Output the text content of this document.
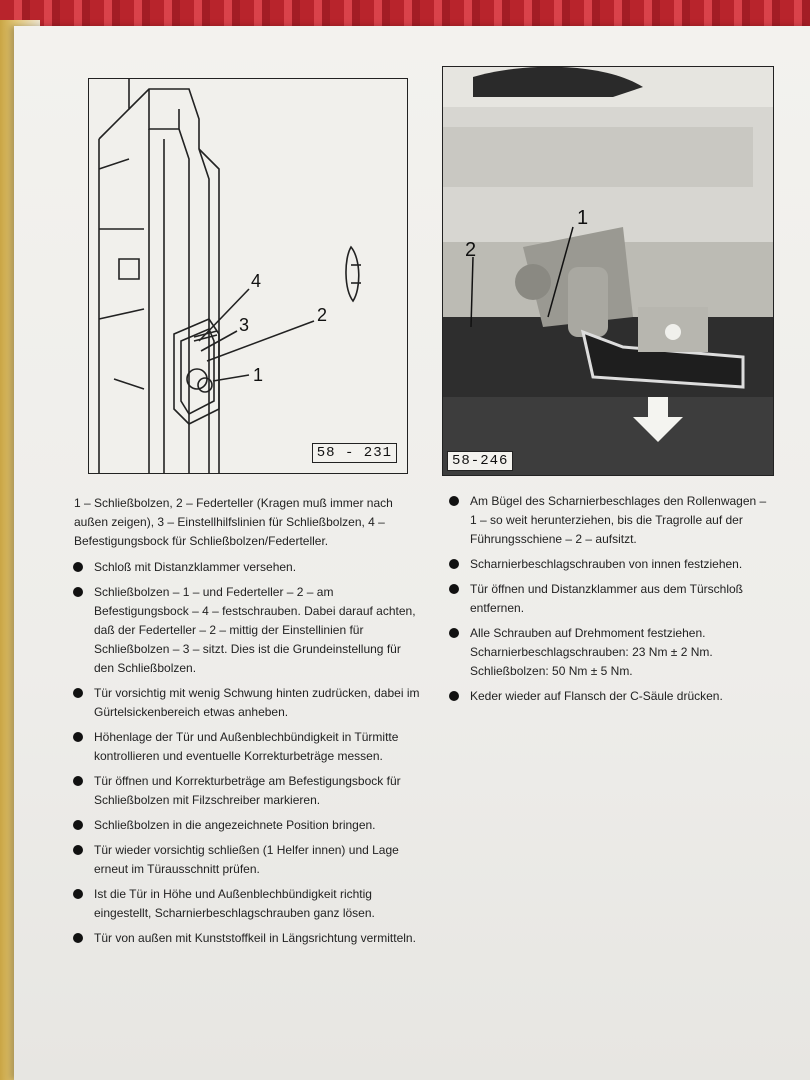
4
3	2
1
58 - 231
1
2
58-246
1 – Schließbolzen, 2 – Federteller (Kragen muß immer nach außen zeigen), 3 – Einstellhilfslinien für Schließbolzen, 4 – Befestigungsbock für Schließbolzen/Federteller.
Schloß mit Distanzklammer versehen.
Schließbolzen – 1 – und Federteller – 2 – am Befestigungsbock – 4 – festschrauben. Dabei darauf achten, daß der Federteller – 2 – mittig der Einstellinien für Schließbolzen – 3 – sitzt. Dies ist die Grundeinstellung für den Schließbolzen.
Tür vorsichtig mit wenig Schwung hinten zudrücken, dabei im Gürtelsickenbereich etwas anheben.
Höhenlage der Tür und Außenblechbündigkeit in Türmitte kontrollieren und eventuelle Korrekturbeträge messen.
Tür öffnen und Korrekturbeträge am Befestigungsbock für Schließbolzen mit Filzschreiber markieren.
Schließbolzen in die angezeichnete Position bringen.
Tür wieder vorsichtig schließen (1 Helfer innen) und Lage erneut im Türausschnitt prüfen.
Ist die Tür in Höhe und Außenblechbündigkeit richtig eingestellt, Scharnierbeschlagschrauben ganz lösen.
Tür von außen mit Kunststoffkeil in Längsrichtung vermitteln.
Am Bügel des Scharnierbeschlages den Rollenwagen – 1 – so weit herunterziehen, bis die Tragrolle auf der Führungsschiene – 2 – aufsitzt.
Scharnierbeschlagschrauben von innen festziehen.
Tür öffnen und Distanzklammer aus dem Türschloß entfernen.
Alle Schrauben auf Drehmoment festziehen. Scharnierbeschlagschrauben: 23 Nm ± 2 Nm. Schließbolzen: 50 Nm ± 5 Nm.
Keder wieder auf Flansch der C-Säule drücken.
